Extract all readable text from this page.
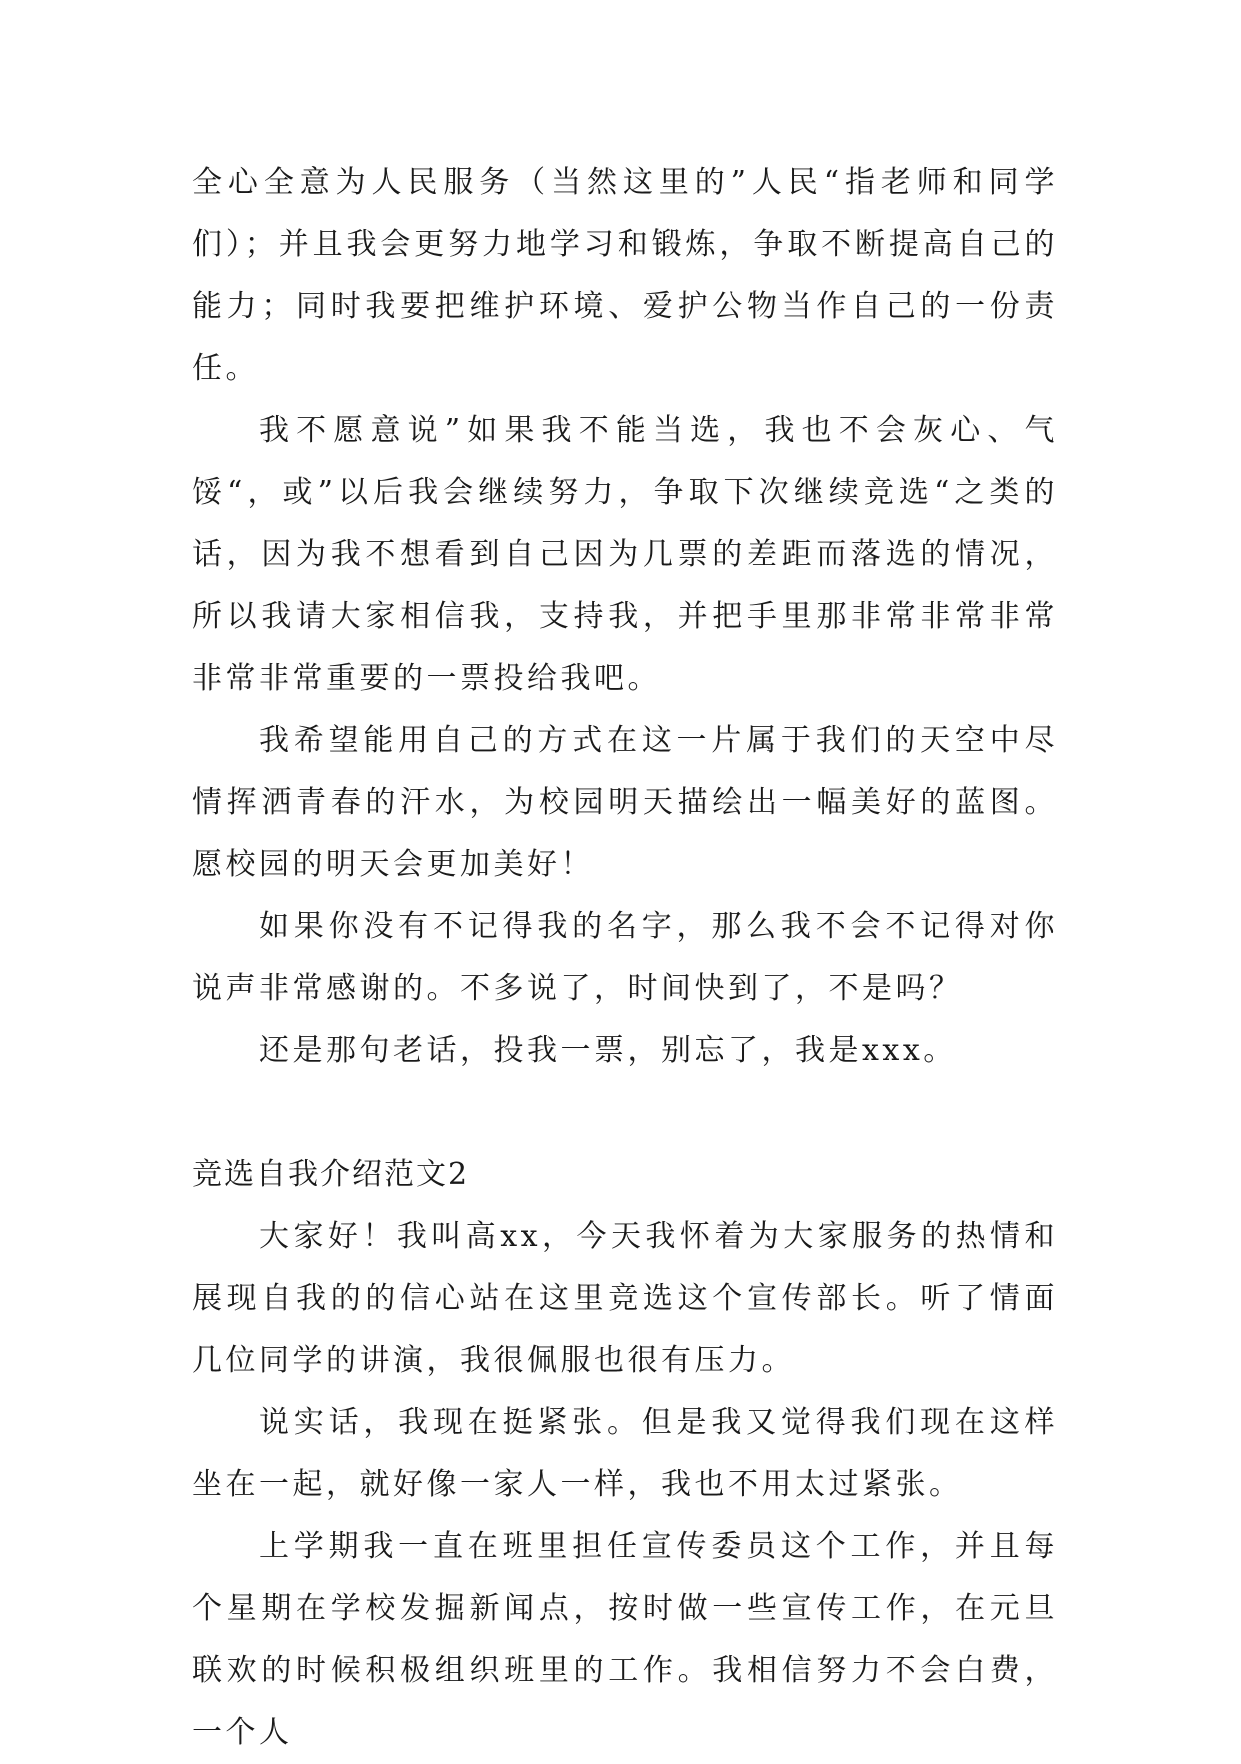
全心全意为人民服务（当然这里的”人民“指老师和同学们）；并且我会更努力地学习和锻炼，争取不断提高自己的能力；同时我要把维护环境、爱护公物当作自己的一份责任。

我不愿意说”如果我不能当选，我也不会灰心、气馁“，或”以后我会继续努力，争取下次继续竞选“之类的话，因为我不想看到自己因为几票的差距而落选的情况，所以我请大家相信我，支持我，并把手里那非常非常非常非常非常重要的一票投给我吧。

我希望能用自己的方式在这一片属于我们的天空中尽情挥洒青春的汗水，为校园明天描绘出一幅美好的蓝图。愿校园的明天会更加美好！

如果你没有不记得我的名字，那么我不会不记得对你说声非常感谢的。不多说了，时间快到了，不是吗？

还是那句老话，投我一票，别忘了，我是xxx。

竞选自我介绍范文2

大家好！我叫高xx，今天我怀着为大家服务的热情和展现自我的的信心站在这里竞选这个宣传部长。听了情面几位同学的讲演，我很佩服也很有压力。

说实话，我现在挺紧张。但是我又觉得我们现在这样坐在一起，就好像一家人一样，我也不用太过紧张。

上学期我一直在班里担任宣传委员这个工作，并且每个星期在学校发掘新闻点，按时做一些宣传工作，在元旦联欢的时候积极组织班里的工作。我相信努力不会白费，一个人
